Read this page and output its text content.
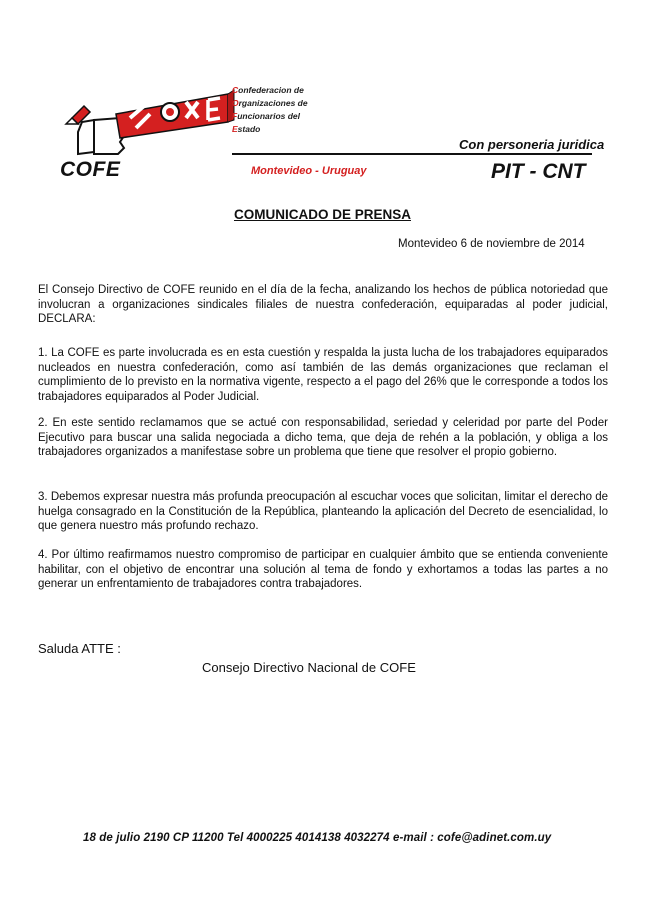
Confederacion de
Organizaciones de
Funcionarios del
Estado
Con personeria juridica
COFE	Montevideo - Uruguay	PIT - CNT
COMUNICADO DE PRENSA
Montevideo 6 de noviembre de 2014

El Consejo Directivo de COFE reunido en el día de la fecha, analizando los hechos de pública notoriedad que involucran a organizaciones sindicales filiales de nuestra confederación, equiparadas al poder judicial, DECLARA:

1. La COFE es parte involucrada es en esta cuestión y respalda la justa lucha de los trabajadores equiparados nucleados en nuestra confederación, como así también de las demás organizaciones que reclaman el cumplimiento de lo previsto en la normativa vigente, respecto a el pago del 26% que le corresponde a todos los trabajadores equiparados al Poder Judicial.

2. En este sentido reclamamos que se actué con responsabilidad, seriedad y celeridad por parte del Poder Ejecutivo para buscar una salida negociada a dicho tema, que deja de rehén a la población, y obliga a los trabajadores organizados a manifestase sobre un problema que tiene que resolver el propio gobierno.

3. Debemos expresar nuestra más profunda preocupación al escuchar voces que solicitan, limitar el derecho de huelga consagrado en la Constitución de la República, planteando la aplicación del Decreto de esencialidad, lo que genera nuestro más profundo rechazo.

4. Por último reafirmamos nuestro compromiso de participar en cualquier ámbito que se entienda conveniente habilitar, con el objetivo de encontrar una solución al tema de fondo y exhortamos a todas las partes a no generar un enfrentamiento de trabajadores contra trabajadores.

Saluda ATTE :
Consejo Directivo Nacional de COFE
18 de julio 2190 CP 11200 Tel 4000225 4014138 4032274 e-mail : cofe@adinet.com.uy
